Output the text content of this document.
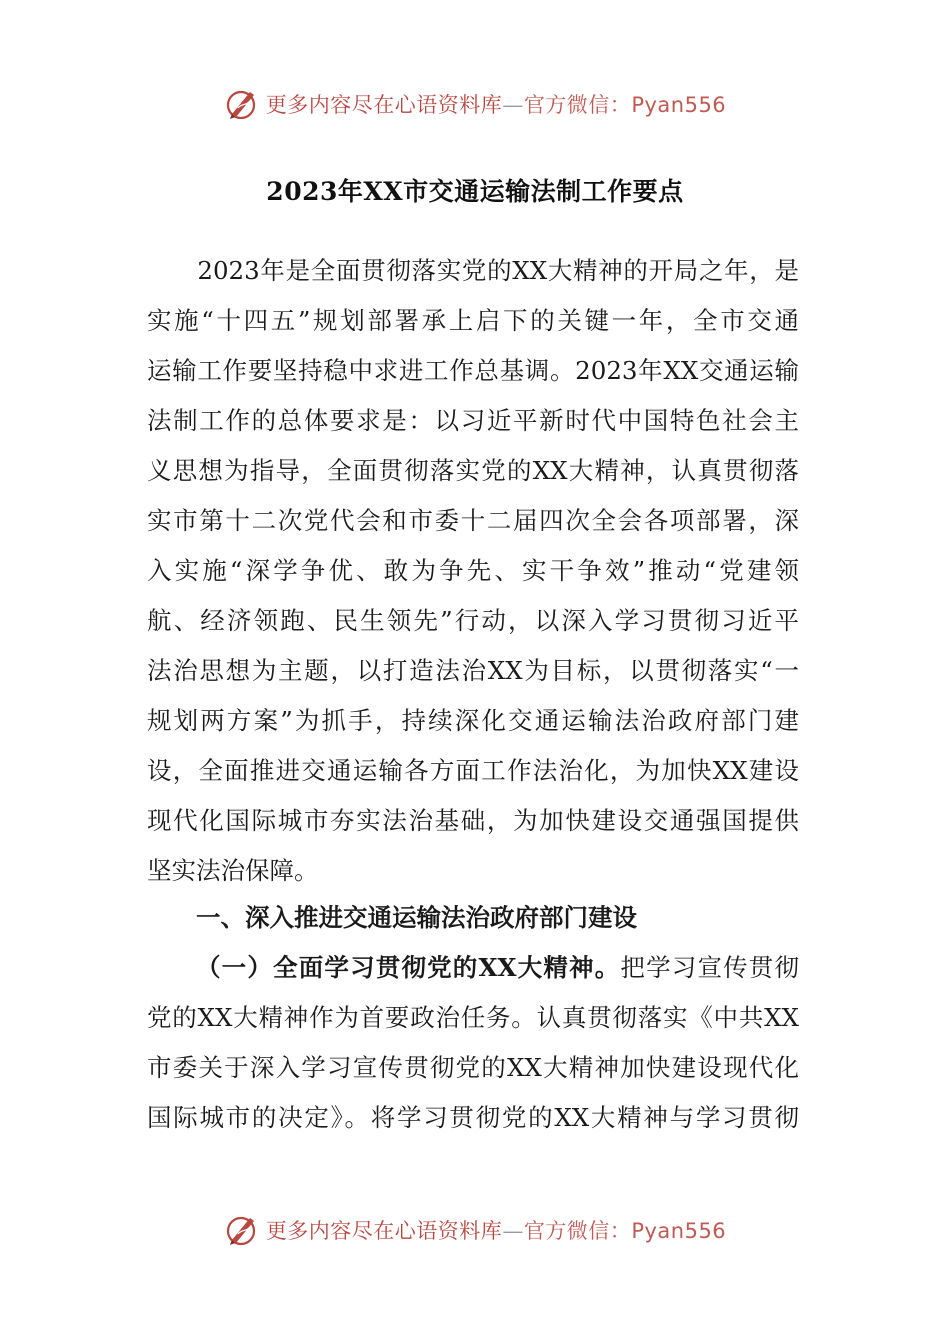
更多内容尽在心语资料库—官方微信：Pyan556
2023年XX市交通运输法制工作要点
　　2023年是全面贯彻落实党的XX大精神的开局之年，是
实施“十四五”规划部署承上启下的关键一年，全市交通
运输工作要坚持稳中求进工作总基调。2023年XX交通运输
法制工作的总体要求是：以习近平新时代中国特色社会主
义思想为指导，全面贯彻落实党的XX大精神，认真贯彻落
实市第十二次党代会和市委十二届四次全会各项部署，深
入实施“深学争优、敢为争先、实干争效”推动“党建领
航、经济领跑、民生领先”行动，以深入学习贯彻习近平
法治思想为主题，以打造法治XX为目标，以贯彻落实“一
规划两方案”为抓手，持续深化交通运输法治政府部门建
设，全面推进交通运输各方面工作法治化，为加快XX建设
现代化国际城市夯实法治基础，为加快建设交通强国提供
坚实法治保障。
一、深入推进交通运输法治政府部门建设
（一）全面学习贯彻党的XX大精神。把学习宣传贯彻
党的XX大精神作为首要政治任务。认真贯彻落实《中共XX
市委关于深入学习宣传贯彻党的XX大精神加快建设现代化
国际城市的决定》。将学习贯彻党的XX大精神与学习贯彻
更多内容尽在心语资料库—官方微信：Pyan556
